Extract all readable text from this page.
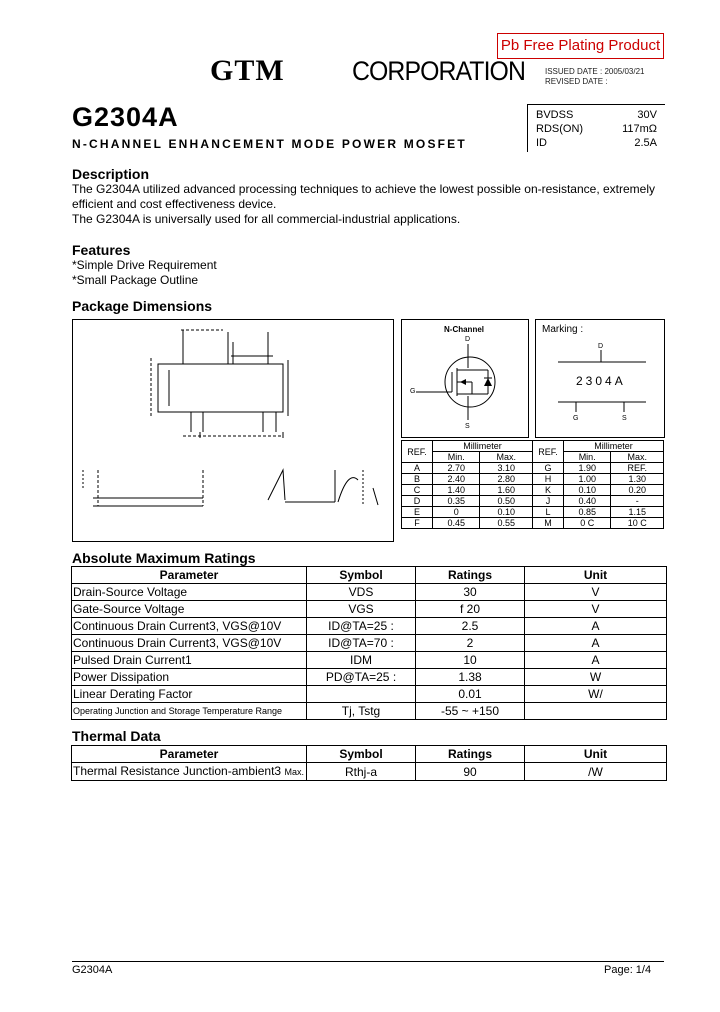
GTM CORPORATION
Pb Free Plating Product
ISSUED DATE : 2005/03/21
REVISED DATE :
G2304A
N-CHANNEL ENHANCEMENT MODE POWER MOSFET
BVDSS	30V
RDS(ON)	117mΩ
ID	2.5A
Description
The G2304A utilized advanced processing techniques to achieve the lowest possible on-resistance, extremely efficient and cost effectiveness device.
The G2304A is universally used for all commercial-industrial applications.
Features
*Simple Drive Requirement
*Small Package Outline
Package Dimensions
N-Channel
D
G
S
Marking :
D
2304A
G	S
REF.	Millimeter		REF.	Millimeter	
	Min.	Max.		Min.	Max.
A	2.70	3.10	G	1.90	REF.
B	2.40	2.80	H	1.00	1.30
C	1.40	1.60	K	0.10	0.20
D	0.35	0.50	J	0.40	-
E	0	0.10	L	0.85	1.15
F	0.45	0.55	M	0 C	10 C
Absolute Maximum Ratings
Parameter	Symbol	Ratings	Unit
Drain-Source Voltage	VDS	30	V
Gate-Source Voltage	VGS	f 20	V
Continuous Drain Current3, VGS@10V	ID@TA=25 :	2.5	A
Continuous Drain Current3, VGS@10V	ID@TA=70 :	2	A
Pulsed Drain Current1	IDM	10	A
Power Dissipation	PD@TA=25 :	1.38	W
Linear Derating Factor		0.01	W/
Operating Junction and Storage Temperature Range	Tj, Tstg	-55 ~ +150	
Thermal Data
Parameter	Symbol	Ratings	Unit
Thermal Resistance Junction-ambient3 Max.	Rthj-a	90	/W
G2304A	Page: 1/4
